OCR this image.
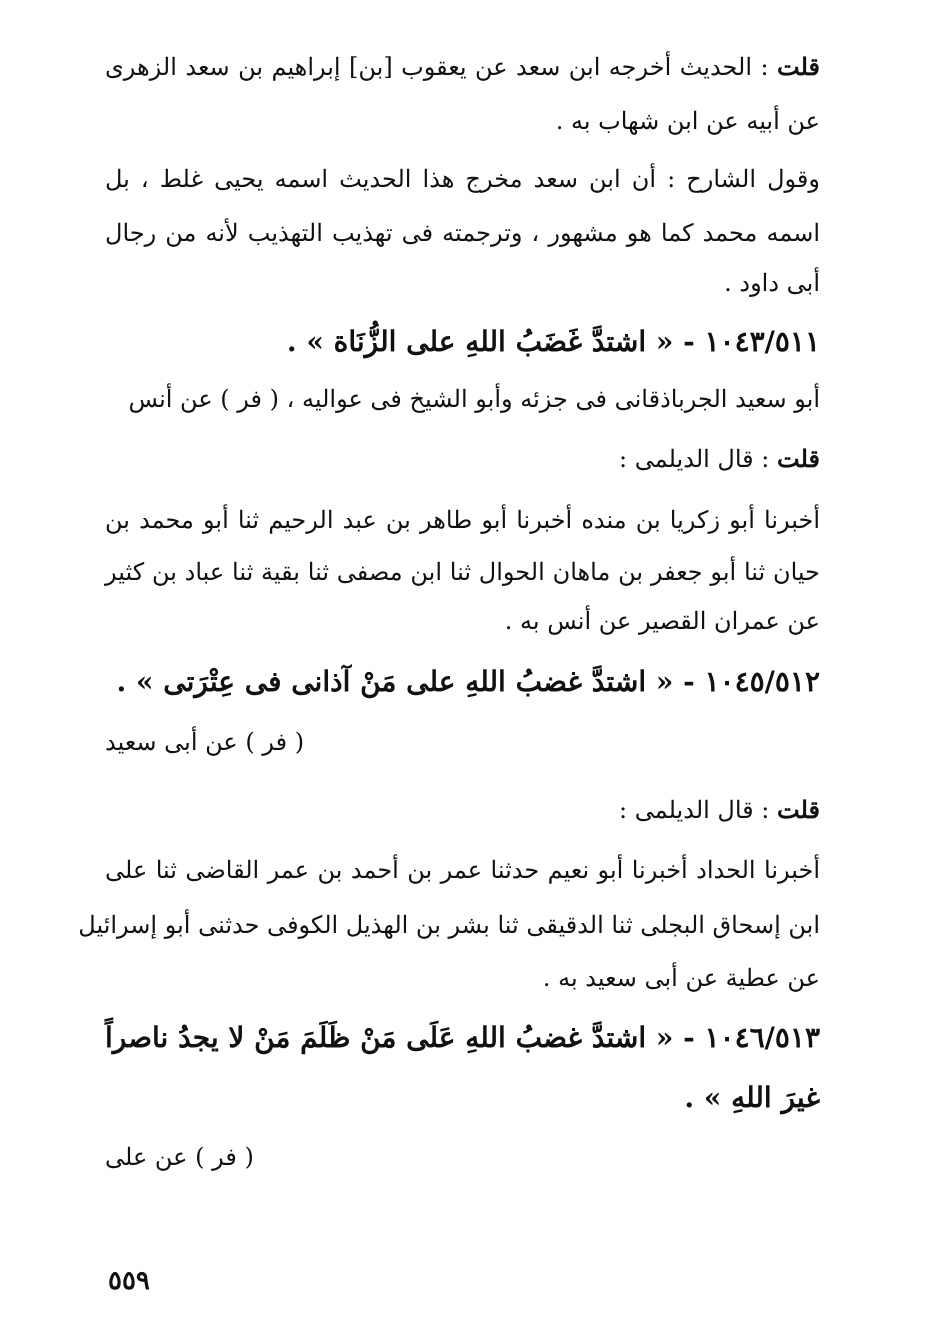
قلت : الحديث أخرجه ابن سعد عن يعقوب [بن] إبراهيم بن سعد الزهرى
عن أبيه عن ابن شهاب به .
وقول الشارح : أن ابن سعد مخرج هذا الحديث اسمه يحيى غلط ، بل
اسمه محمد كما هو مشهور ، وترجمته فى تهذيب التهذيب لأنه من رجال
أبى داود .
١٠٤٣/٥١١ - « اشتدَّ غَضَبُ اللهِ على الزُّنَاة » .
أبو سعيد الجرباذقانى فى جزئه وأبو الشيخ فى عواليه ، ( فر ) عن أنس
قلت : قال الديلمى :
أخبرنا أبو زكريا بن منده أخبرنا أبو طاهر بن عبد الرحيم ثنا أبو محمد بن
حيان ثنا أبو جعفر بن ماهان الحوال ثنا ابن مصفى ثنا بقية ثنا عباد بن كثير
عن عمران القصير عن أنس به .
١٠٤٥/٥١٢ - « اشتدَّ غضبُ اللهِ على مَنْ آذانى فى عِتْرَتى » .
( فر ) عن أبى سعيد
قلت : قال الديلمى :
أخبرنا الحداد أخبرنا أبو نعيم حدثنا عمر بن أحمد بن عمر القاضى ثنا على
ابن إسحاق البجلى ثنا الدقيقى ثنا بشر بن الهذيل الكوفى حدثنى أبو إسرائيل
عن عطية عن أبى سعيد به .
١٠٤٦/٥١٣ - « اشتدَّ غضبُ اللهِ عَلَى مَنْ ظَلَمَ مَنْ لا يجدُ ناصراً
غيرَ اللهِ » .
( فر ) عن على
٥٥٩
